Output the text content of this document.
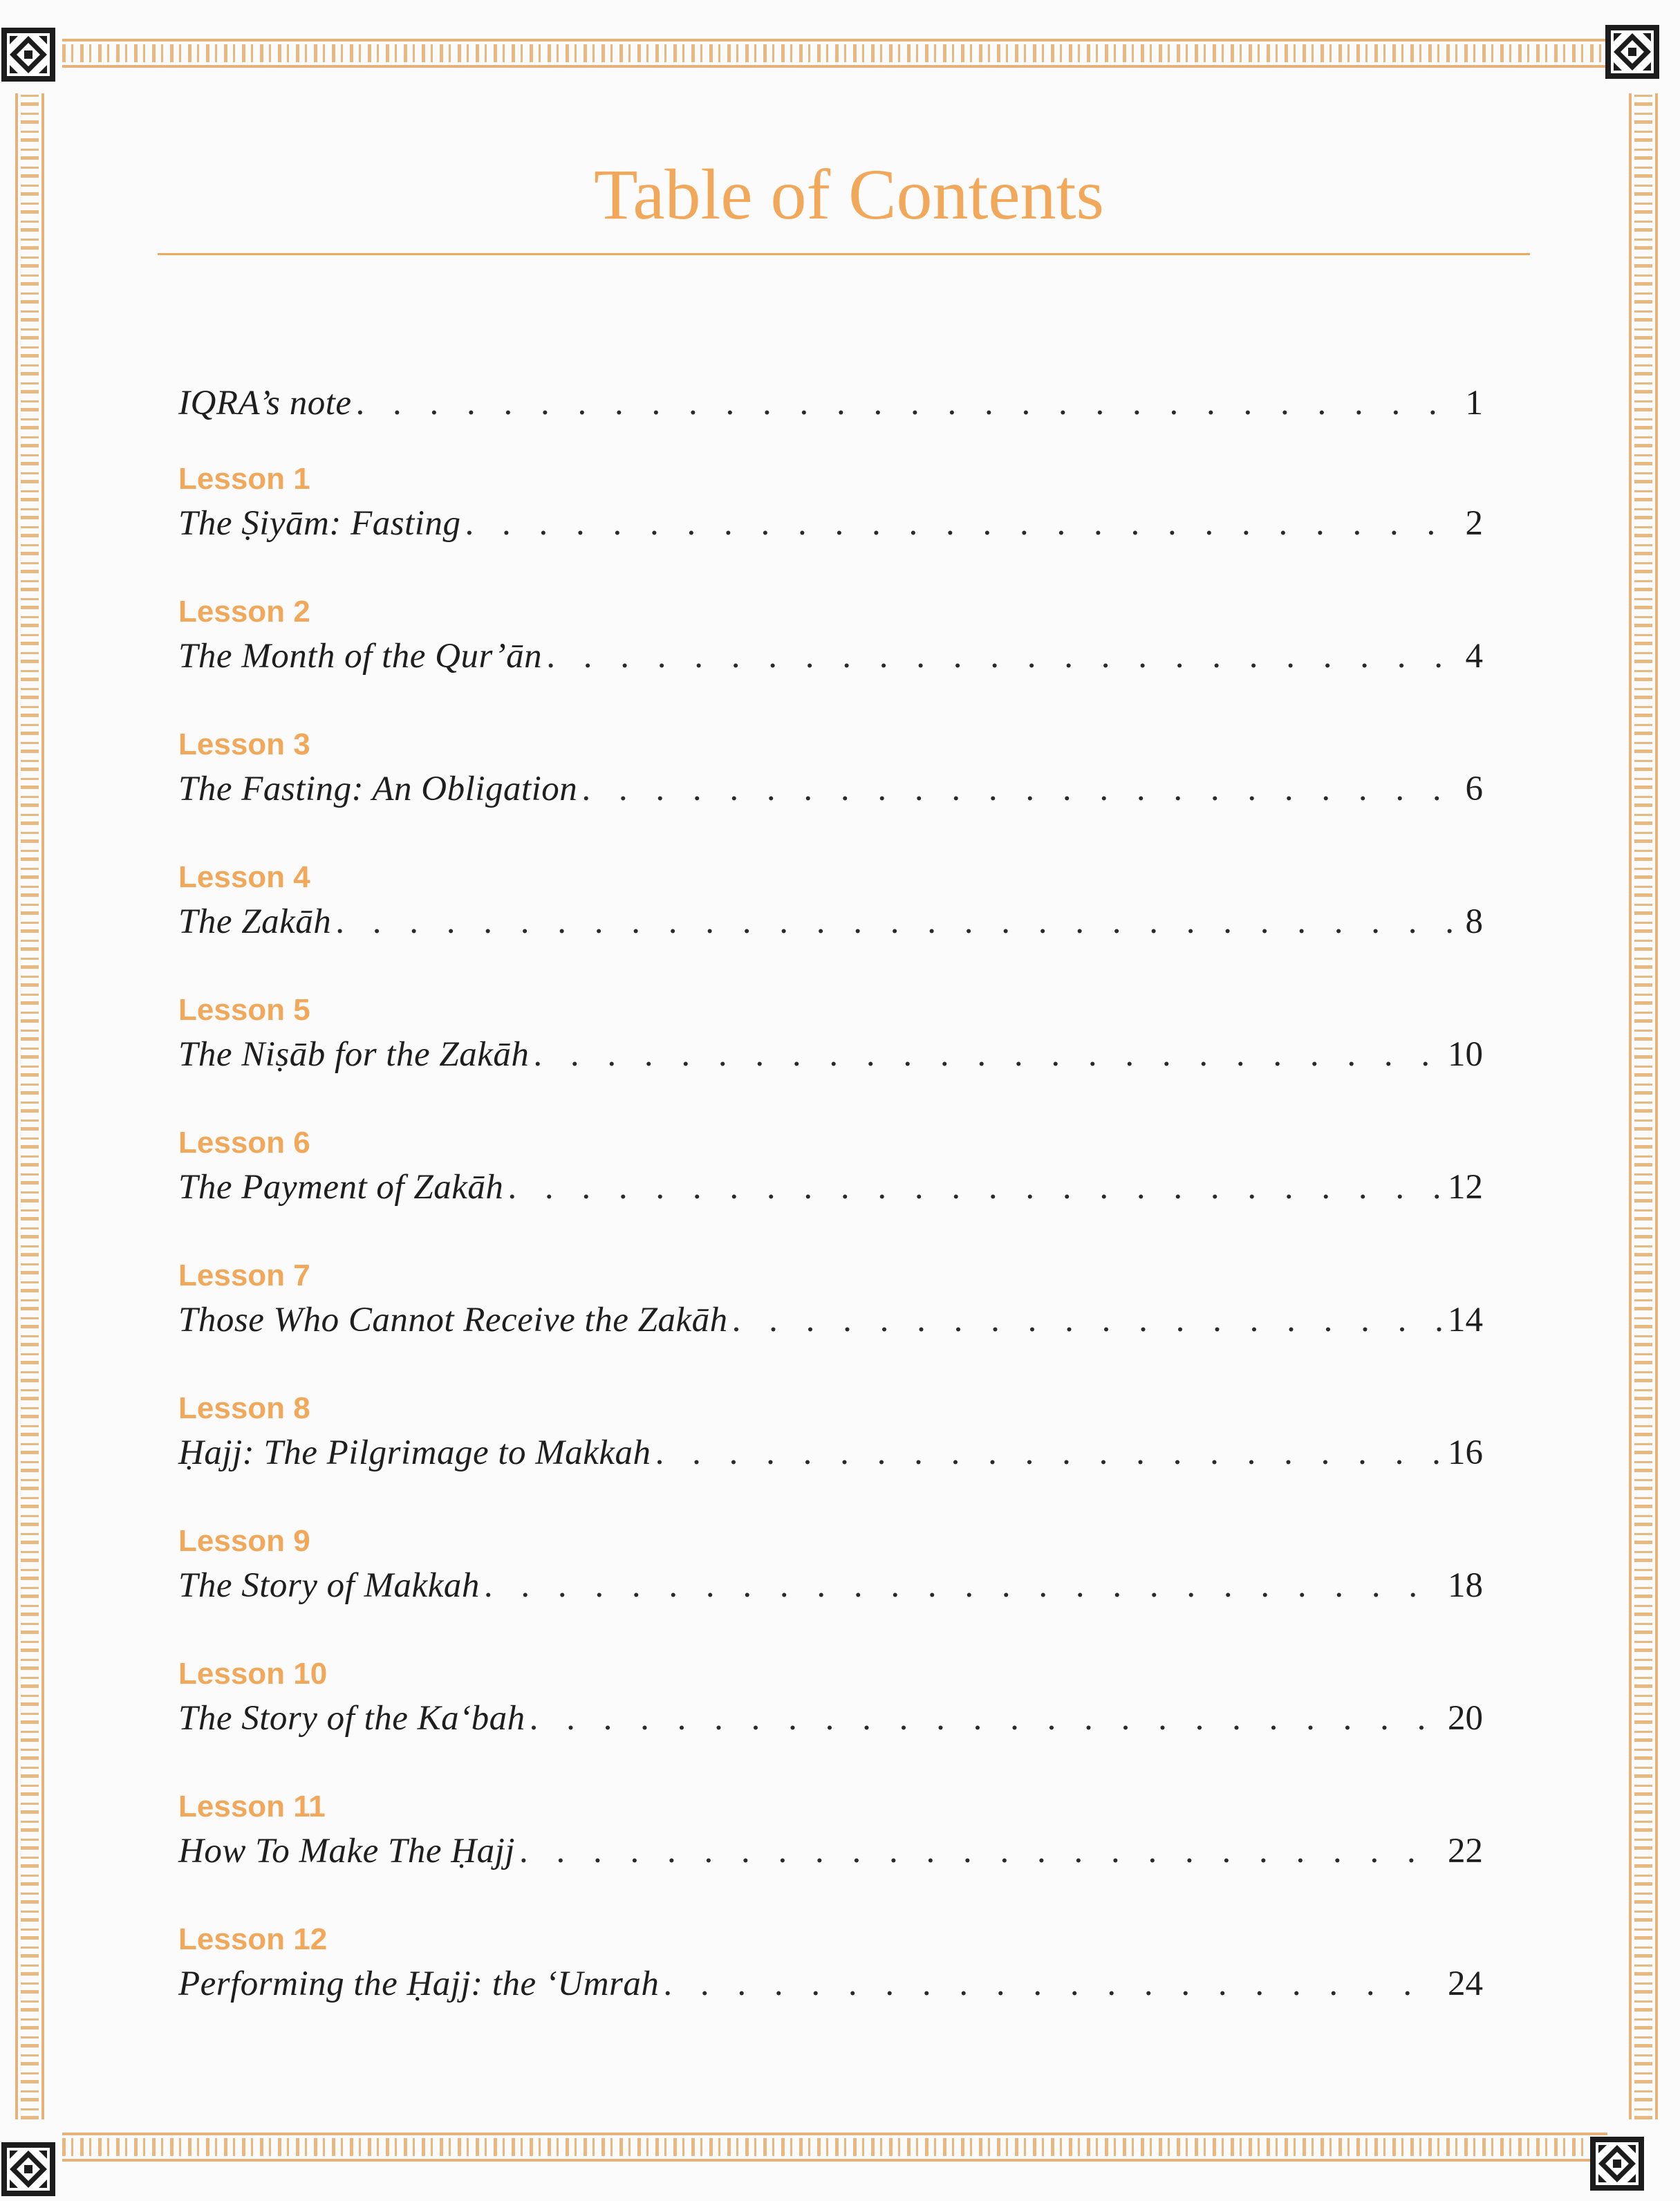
Table of Contents
IQRA’s note . . .	1
Lesson 1
The Ṣiyām: Fasting . . .	2
Lesson 2
The Month of the Qur’ān . . .	4
Lesson 3
The Fasting: An Obligation . . .	6
Lesson 4
The Zakāh . . .	8
Lesson 5
The Niṣāb for the Zakāh . . .	10
Lesson 6
The Payment of Zakāh . . .	12
Lesson 7
Those Who Cannot Receive the Zakāh . . .	14
Lesson 8
Ḥajj: The Pilgrimage to Makkah . . .	16
Lesson 9
The Story of Makkah . . .	18
Lesson 10
The Story of the Ka‘bah . . .	20
Lesson 11
How To Make The Ḥajj . . .	22
Lesson 12
Performing the Ḥajj: the ‘Umrah . . .	24
